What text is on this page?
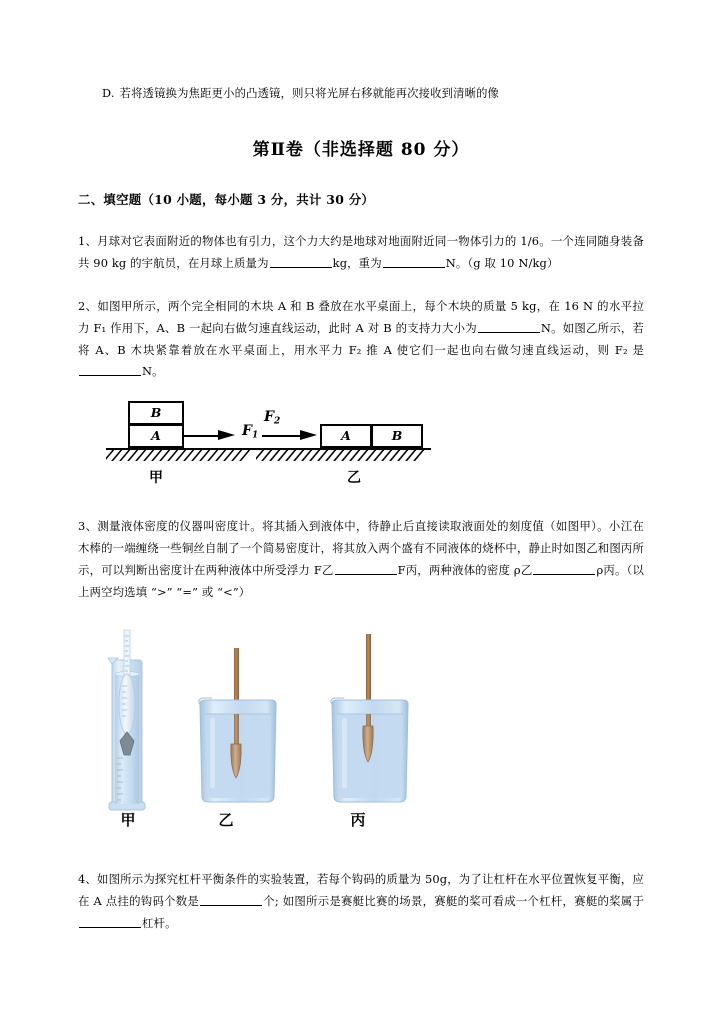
D. 若将透镜换为焦距更小的凸透镜，则只将光屏右移就能再次接收到清晰的像
第Ⅱ卷（非选择题 80 分）
二、填空题（10 小题，每小题 3 分，共计 30 分）
1、月球对它表面附近的物体也有引力，这个力大约是地球对地面附近同一物体引力的 1/6。一个连同随身装备共 90 kg 的宇航员，在月球上质量为	kg，重为	N。（g 取 10 N/kg）
2、如图甲所示，两个完全相同的木块 A 和 B 叠放在水平桌面上，每个木块的质量 5 kg，在 16 N 的水平拉力 F₁ 作用下，A、B 一起向右做匀速直线运动，此时 A 对 B 的支持力大小为	N。如图乙所示，若将 A、B 木块紧靠着放在水平桌面上，用水平力 F₂ 推 A 使它们一起也向右做匀速直线运动，则 F₂ 是N。
B
A	$F_1$
甲
$F_2$
A	B
乙
3、测量液体密度的仪器叫密度计。将其插入到液体中，待静止后直接读取液面处的刻度值（如图甲）。小江在木棒的一端缠绕一些铜丝自制了一个简易密度计，将其放入两个盛有不同液体的烧杯中，静止时如图乙和图丙所示，可以判断出密度计在两种液体中所受浮力 F乙	F丙，两种液体的密度 ρ乙	ρ丙。（以上两空均选填 “>” “=” 或 “<”）
甲	乙	丙
4、如图所示为探究杠杆平衡条件的实验装置，若每个钩码的质量为 50g，为了让杠杆在水平位置恢复平衡，应在 A 点挂的钩码个数是	个; 如图所示是赛艇比赛的场景，赛艇的桨可看成一个杠杆，赛艇的桨属于杠杆。
